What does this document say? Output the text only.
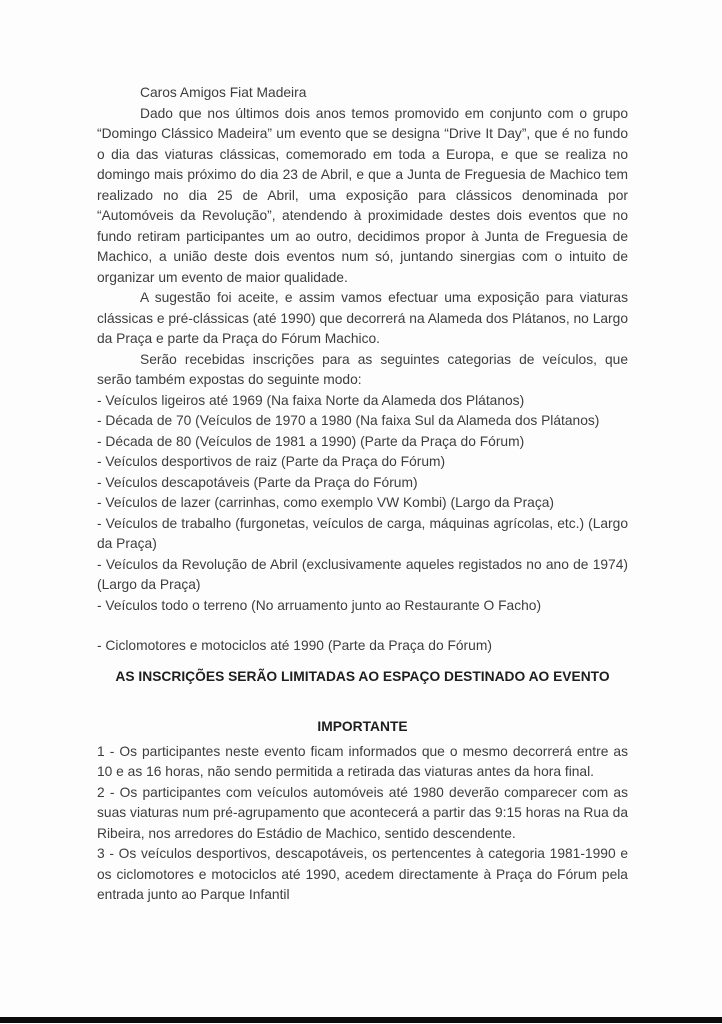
Caros Amigos Fiat Madeira

Dado que nos últimos dois anos temos promovido em conjunto com o grupo “Domingo Clássico Madeira” um evento que se designa “Drive It Day”, que é no fundo o dia das viaturas clássicas, comemorado em toda a Europa, e que se realiza no domingo mais próximo do dia 23 de Abril, e que a Junta de Freguesia de Machico tem realizado no dia 25 de Abril, uma exposição para clássicos denominada por “Automóveis da Revolução”, atendendo à proximidade destes dois eventos que no fundo retiram participantes um ao outro, decidimos propor à Junta de Freguesia de Machico, a união deste dois eventos num só, juntando sinergias com o intuito de organizar um evento de maior qualidade.

A sugestão foi aceite, e assim vamos efectuar uma exposição para viaturas clássicas e pré-clássicas (até 1990) que decorrerá na Alameda dos Plátanos, no Largo da Praça e parte da Praça do Fórum Machico.

Serão recebidas inscrições para as seguintes categorias de veículos, que serão também expostas do seguinte modo:

- Veículos ligeiros até 1969 (Na faixa Norte da Alameda dos Plátanos)

- Década de 70 (Veículos de 1970 a 1980 (Na faixa Sul da Alameda dos Plátanos)

- Década de 80 (Veículos de 1981 a 1990) (Parte da Praça do Fórum)

- Veículos desportivos de raiz (Parte da Praça do Fórum)

- Veículos descapotáveis (Parte da Praça do Fórum)

- Veículos de lazer (carrinhas, como exemplo VW Kombi) (Largo da Praça)

- Veículos de trabalho (furgonetas, veículos de carga, máquinas agrícolas, etc.) (Largo da Praça)

- Veículos da Revolução de Abril (exclusivamente aqueles registados no ano de 1974) (Largo da Praça)

- Veículos todo o terreno (No arruamento junto ao Restaurante O Facho)

- Ciclomotores e motociclos até 1990 (Parte da Praça do Fórum)

AS INSCRIÇÕES SERÃO LIMITADAS AO ESPAÇO DESTINADO AO EVENTO

IMPORTANTE

1 - Os participantes neste evento ficam informados que o mesmo decorrerá entre as 10 e as 16 horas, não sendo permitida a retirada das viaturas antes da hora final.

2 - Os participantes com veículos automóveis até 1980 deverão comparecer com as suas viaturas num pré-agrupamento que acontecerá a partir das 9:15 horas na Rua da Ribeira, nos arredores do Estádio de Machico, sentido descendente.

3 - Os veículos desportivos, descapotáveis, os pertencentes à categoria 1981-1990 e os ciclomotores e motociclos até 1990, acedem directamente à Praça do Fórum pela entrada junto ao Parque Infantil
